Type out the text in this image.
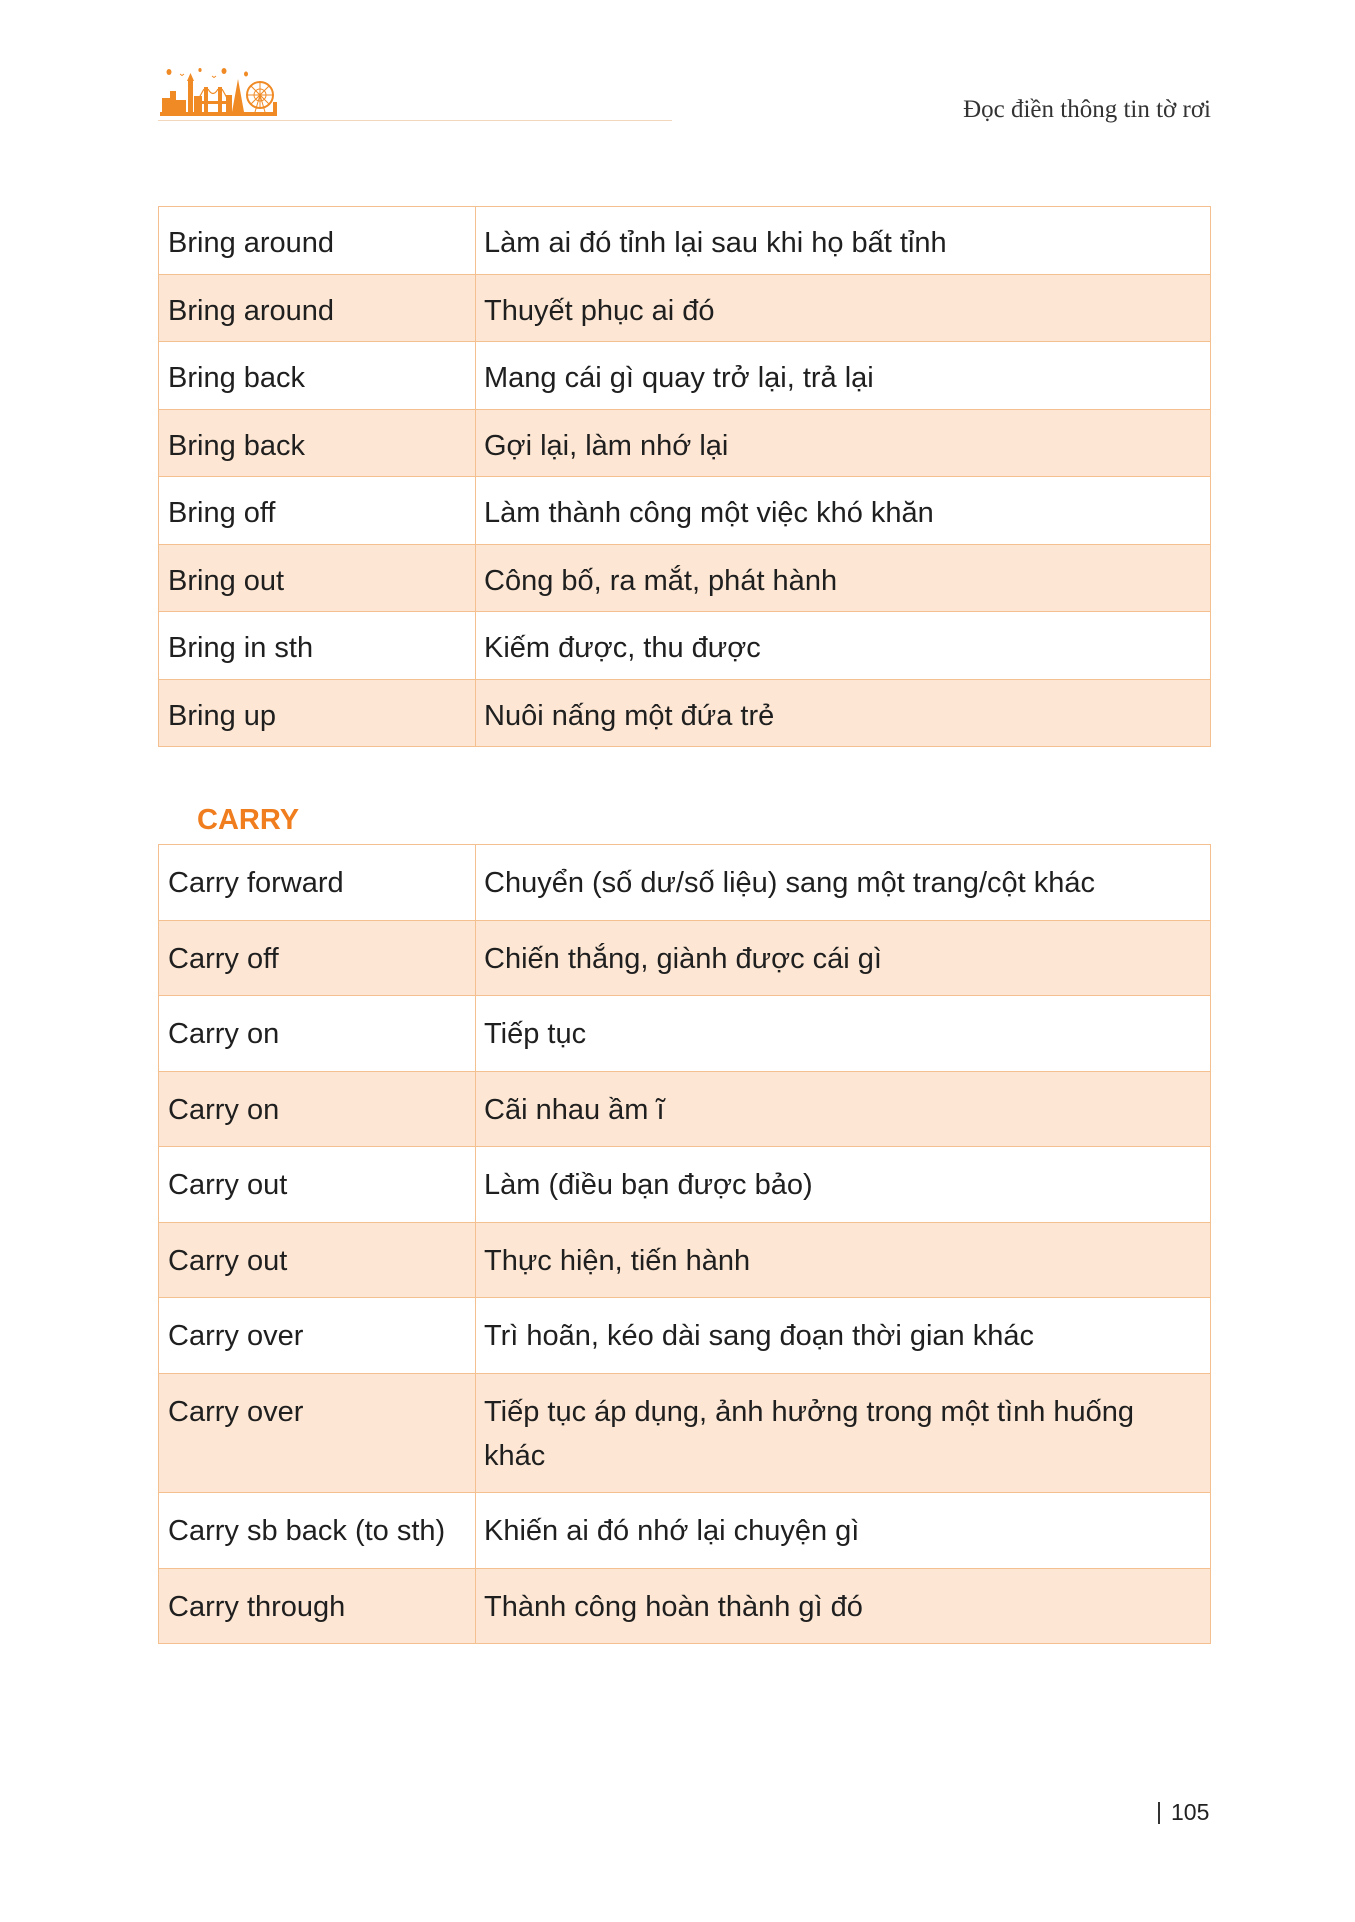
Đọc điền thông tin tờ rơi
Bring around	Làm ai đó tỉnh lại sau khi họ bất tỉnh
Bring around	Thuyết phục ai đó
Bring back	Mang cái gì quay trở lại, trả lại
Bring back	Gợi lại, làm nhớ lại
Bring off	Làm thành công một việc khó khăn
Bring out	Công bố, ra mắt, phát hành
Bring in sth	Kiếm được, thu được
Bring up	Nuôi nấng một đứa trẻ
CARRY
Carry forward	Chuyển (số dư/số liệu) sang một trang/cột khác
Carry off	Chiến thắng, giành được cái gì
Carry on	Tiếp tục
Carry on	Cãi nhau ầm ĩ
Carry out	Làm (điều bạn được bảo)
Carry out	Thực hiện, tiến hành
Carry over	Trì hoãn, kéo dài sang đoạn thời gian khác
Carry over	Tiếp tục áp dụng, ảnh hưởng trong một tình huống khác
Carry sb back (to sth)	Khiến ai đó nhớ lại chuyện gì
Carry through	Thành công hoàn thành gì đó
105
